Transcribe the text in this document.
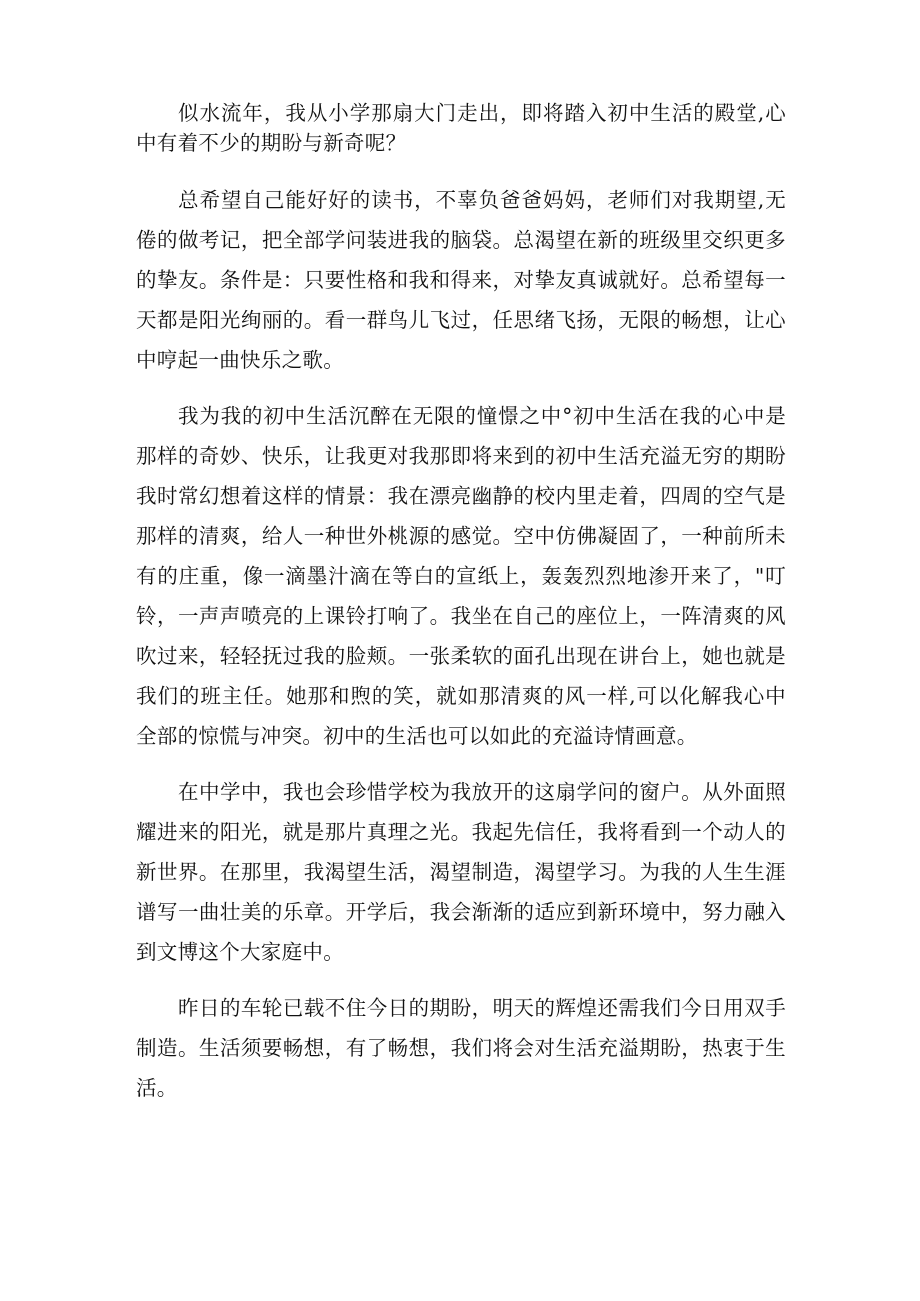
似水流年，我从小学那扇大门走出，即将踏入初中生活的殿堂,心中有着不少的期盼与新奇呢？

总希望自己能好好的读书，不辜负爸爸妈妈，老师们对我期望,无倦的做考记，把全部学问装进我的脑袋。总渴望在新的班级里交织更多的挚友。条件是：只要性格和我和得来，对挚友真诚就好。总希望每一天都是阳光绚丽的。看一群鸟儿飞过，任思绪飞扬，无限的畅想，让心中哼起一曲快乐之歌。

我为我的初中生活沉醉在无限的憧憬之中°初中生活在我的心中是那样的奇妙、快乐，让我更对我那即将来到的初中生活充溢无穷的期盼我时常幻想着这样的情景：我在漂亮幽静的校内里走着，四周的空气是那样的清爽，给人一种世外桃源的感觉。空中仿佛凝固了，一种前所未有的庄重，像一滴墨汁滴在等白的宣纸上，轰轰烈烈地渗开来了，"叮铃，一声声喷亮的上课铃打响了。我坐在自己的座位上，一阵清爽的风吹过来，轻轻抚过我的脸颊。一张柔软的面孔出现在讲台上，她也就是我们的班主任。她那和煦的笑，就如那清爽的风一样,可以化解我心中全部的惊慌与冲突。初中的生活也可以如此的充溢诗情画意。

在中学中，我也会珍惜学校为我放开的这扇学问的窗户。从外面照耀进来的阳光，就是那片真理之光。我起先信任，我将看到一个动人的新世界。在那里，我渴望生活，渴望制造，渴望学习。为我的人生生涯谱写一曲壮美的乐章。开学后，我会渐渐的适应到新环境中，努力融入到文博这个大家庭中。

昨日的车轮已载不住今日的期盼，明天的辉煌还需我们今日用双手制造。生活须要畅想，有了畅想，我们将会对生活充溢期盼，热衷于生活。
